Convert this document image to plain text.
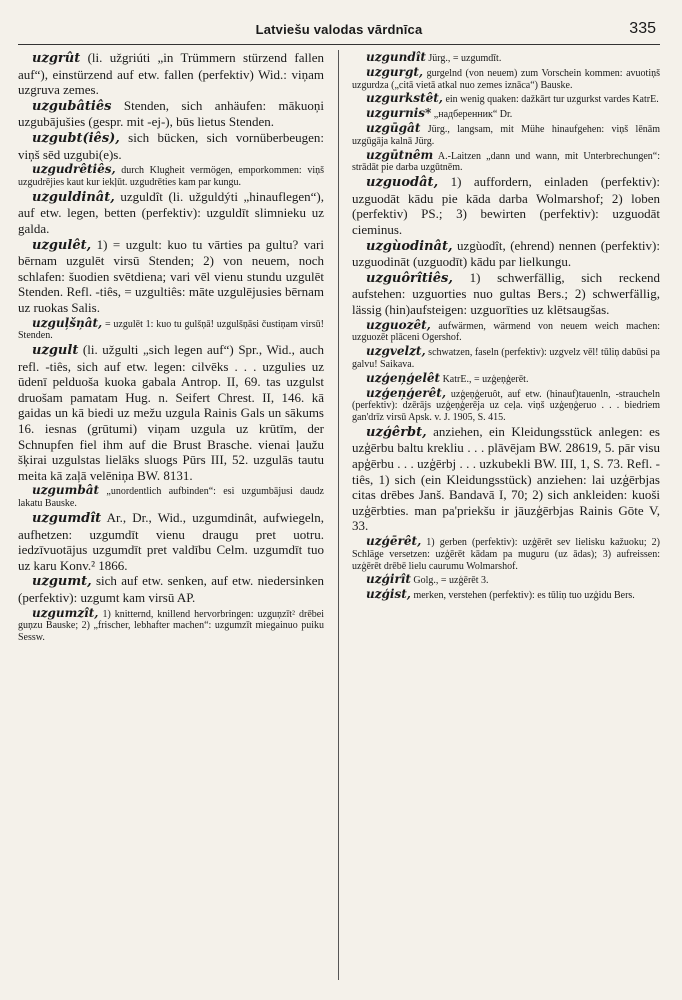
Latviešu valodas vārdnīca	335

uzgrût (li. užgriúti „in Trümmern stürzend fallen auf“), einstürzend auf etw. fallen (perfektiv) Wid.: viņam uzgruva zemes.

uzgubâtiês Stenden, sich anhäufen: mākuoņi uzgubājušies (gespr. mit -ej-), būs lietus Stenden.

uzgubt(iês), sich bücken, sich vornüberbeugen: viņš sēd uzgubi(e)s.

uzgudrêtiês, durch Klugheit vermögen, emporkommen: viņš uzgudrējies kaut kur iekļūt. uzgudrēties kam par kungu.

uzguldinât, uzguldît (li. užguldýti „hinauflegen“), auf etw. legen, betten (perfektiv): uzguldīt slimnieku uz galda.

uzgulêt, 1) = uzgult: kuo tu vārties pa gultu? vari bērnam uzgulēt virsū Stenden; 2) von neuem, noch schlafen: šuodien svētdiena; vari vēl vienu stundu uzgulēt Stenden. Refl. -tiês, = uzgultiês: māte uzgulējusies bērnam uz ruokas Salis.

uzguļšņât, = uzgulēt 1: kuo tu gulšņā! uzgulšņāsi čustiņam virsū! Stenden.

uzgult (li. užgulti „sich legen auf“) Spr., Wid., auch refl. -tiês, sich auf etw. legen: cilvēks . . . uzgulies uz ūdenī pelduoša kuoka gabala Antrop. II, 69. tas uzgulst druošam pamatam Hug. n. Seifert Chrest. II, 146. kā gaidas un kā biedi uz mežu uzgula Rainis Gals un sākums 16. iesnas (grūtumi) viņam uzgula uz krūtīm, der Schnupfen fiel ihm auf die Brust Brasche. vienai ļaužu šķirai uzgulstas lielāks sluogs Pūrs III, 52. uzgulās tautu meita kā zaļā velēniņa BW. 8131.

uzgumbât „unordentlich aufbinden“: esi uzgumbājusi daudz lakatu Bauske.

uzgumdît Ar., Dr., Wid., uzgumdinât, aufwiegeln, aufhetzen: uzgumdīt vienu draugu pret uotru. iedzīvuotājus uzgumdīt pret valdību Celm. uzgumdīt tuo uz karu Konv.² 1866.

uzgumt, sich auf etw. senken, auf etw. niedersinken (perfektiv): uzgumt kam virsū AP.

uzgumzît, 1) knitternd, knillend hervorbringen: uzguņzīt² drēbei guņzu Bauske; 2) „frischer, lebhafter machen“: uzgumzīt miegainuo puiku Sessw.

uzgundît Jürg., = uzgumdīt.

uzgurgt, gurgelnd (von neuem) zum Vorschein kommen: avuotiņš uzgurdza („citā vietā atkal nuo zemes iznāca“) Bauske.

uzgurkstêt, ein wenig quaken: dažkārt tur uzgurkst vardes KatrE.

uzgurnis* „надберенник“ Dr.

uzgūgât Jürg., langsam, mit Mühe hinaufgehen: viņš lēnām uzgūgāja kalnā Jürg.

uzgūtnêm A.-Laitzen „dann und wann, mit Unterbrechungen“: strādāt pie darba uzgūtnēm.

uzguodât, 1) auffordern, einladen (perfektiv): uzguodāt kādu pie kāda darba Wolmarshof; 2) loben (perfektiv) PS.; 3) bewirten (perfektiv): uzguodāt cieminus.

uzgùodinât, uzgùodît, (ehrend) nennen (perfektiv): uzguodināt (uzguodīt) kādu par lielkungu.

uzguôrîtiês, 1) schwerfällig, sich reckend aufstehen: uzguorties nuo gultas Bers.; 2) schwerfällig, lässig (hin)aufsteigen: uzguorīties uz klētsaugšas.

uzguozêt, aufwärmen, wärmend von neuem weich machen: uzguozēt plāceni Ogershof.

uzgvelzt, schwatzen, faseln (perfektiv): uzgvelz vēl! tūliņ dabūsi pa galvu! Saikava.

uzģeņģelêt KatrE., = uzģeņģerēt.

uzģeņģerêt, uzģeņģeruôt, auf etw. (hinauf)tauenln, -straucheln (perfektiv): dzērājs uzģeņģerēja uz ceļa. viņš uzģeņģeruo . . . biedriem gan'drīz virsū Apsk. v. J. 1905, S. 415.

uzģêrbt, anziehen, ein Kleidungsstück anlegen: es uzģērbu baltu krekliu . . . plāvējam BW. 28619, 5. pār visu apģērbu . . . uzģērbj . . . uzkubekli BW. III, 1, S. 73. Refl. -tiês, 1) sich (ein Kleidungsstück) anziehen: lai uzģērbjas citas drēbes Janš. Bandavā I, 70; 2) sich ankleiden: kuoši uzģērbties. man pa'priekšu ir jāuzģērbjas Rainis Gōte V, 33.

uzģērêt, 1) gerben (perfektiv): uzģērēt sev lielisku kažuoku; 2) Schläge versetzen: uzģērēt kādam pa muguru (uz ādas); 3) aufreissen: uzģērēt drēbē lielu caurumu Wolmarshof.

uzģirît Golg., = uzģērēt 3.

uzģist, merken, verstehen (perfektiv): es tūliņ tuo uzģidu Bers.
